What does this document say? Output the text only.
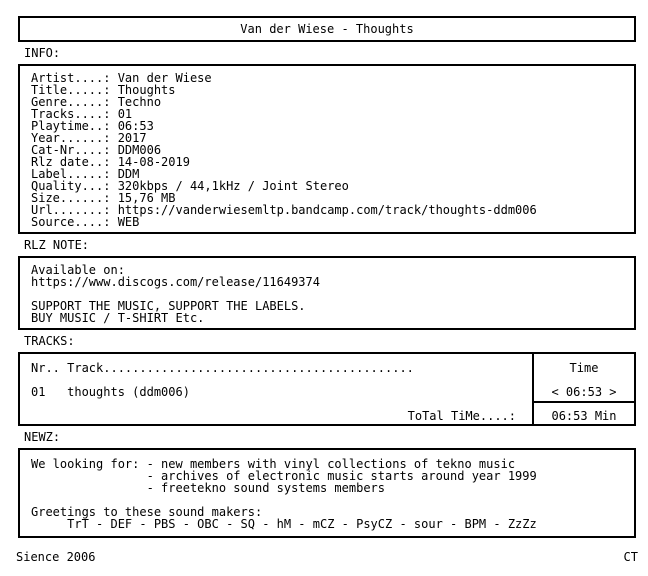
Van der Wiese - Thoughts
INFO:
Artist....: Van der Wiese
Title.....: Thoughts
Genre.....: Techno
Tracks....: 01
Playtime..: 06:53
Year......: 2017
Cat-Nr....: DDM006
Rlz date..: 14-08-2019
Label.....: DDM
Quality...: 320kbps / 44,1kHz / Joint Stereo
Size......: 15,76 MB
Url.......: https://vanderwiesemltp.bandcamp.com/track/thoughts-ddm006
Source....: WEB
RLZ NOTE:
Available on:
https://www.discogs.com/release/11649374
SUPPORT THE MUSIC, SUPPORT THE LABELS.
BUY MUSIC / T-SHIRT Etc.
TRACKS:
Nr.. Track...........................................
01   thoughts (ddm006)
ToTal TiMe....:
Time
< 06:53 >
06:53 Min
NEWZ:
We looking for: - new members with vinyl collections of tekno music
- archives of electronic music starts around year 1999
- freetekno sound systems members
Greetings to these sound makers:
TrT - DEF - PBS - OBC - SQ - hM - mCZ - PsyCZ - sour - BPM - ZzZz
Sience 2006	CT
